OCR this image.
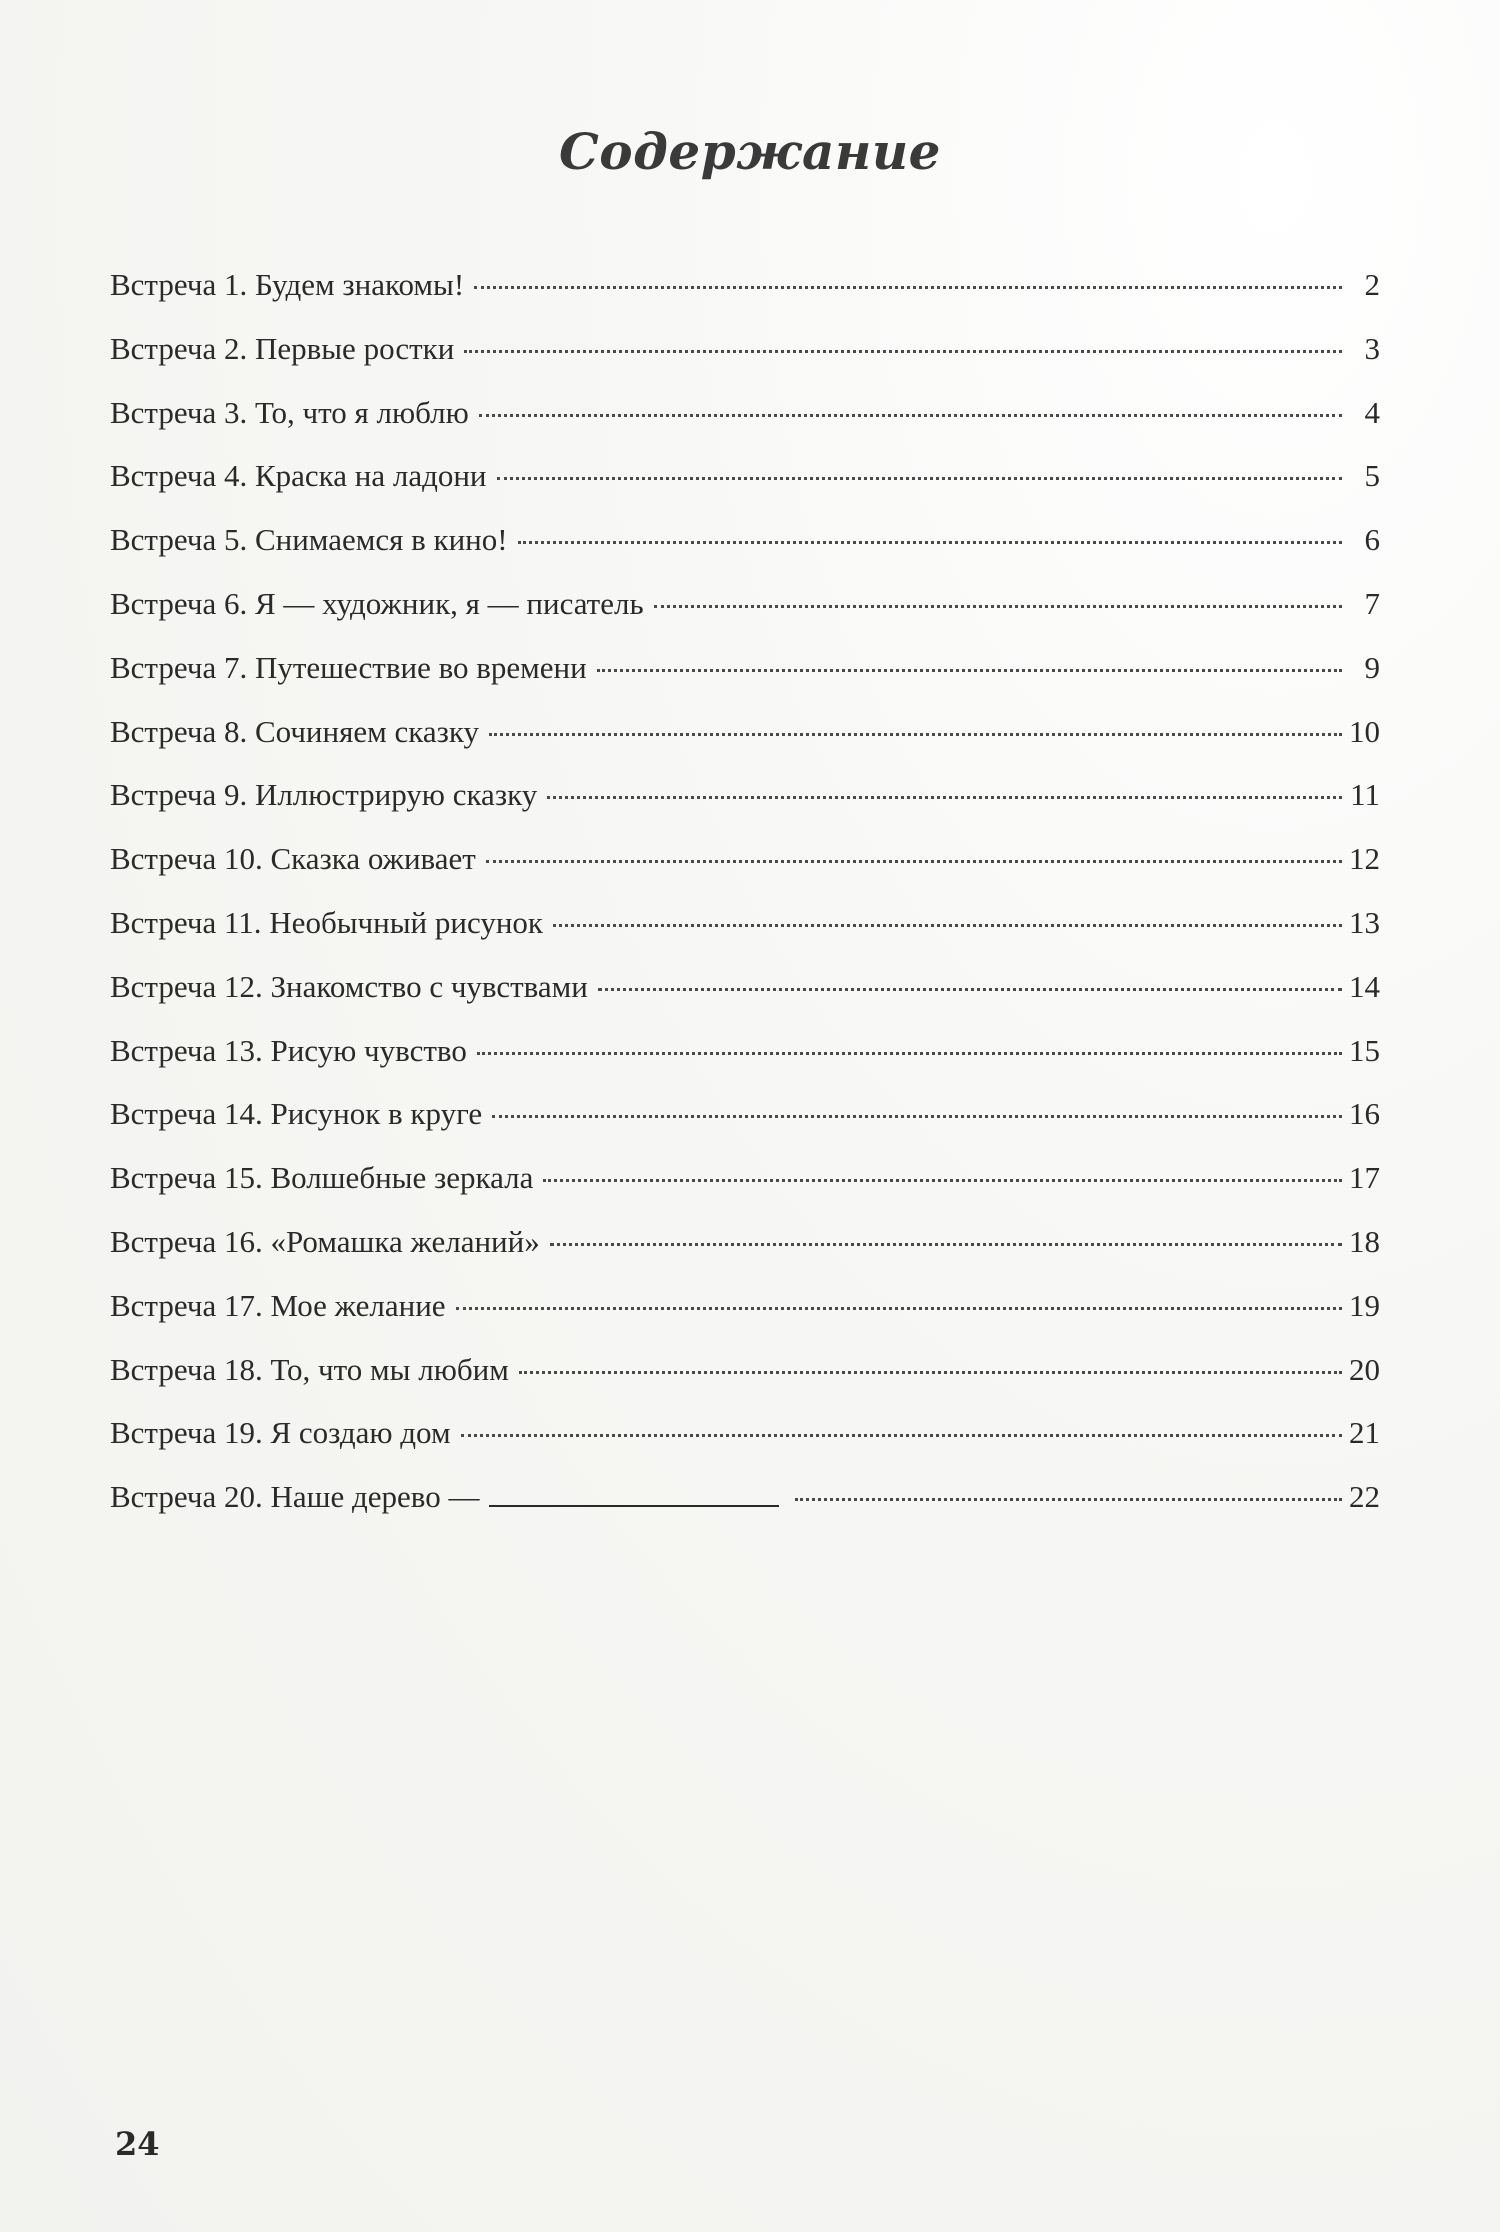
Содержание
Встреча 1. Будем знакомы!	2
Встреча 2. Первые ростки	3
Встреча 3. То, что я люблю	4
Встреча 4. Краска на ладони	5
Встреча 5. Снимаемся в кино!	6
Встреча 6. Я — художник, я — писатель	7
Встреча 7. Путешествие во времени	9
Встреча 8. Сочиняем сказку	10
Встреча 9. Иллюстрирую сказку	11
Встреча 10. Сказка оживает	12
Встреча 11. Необычный рисунок	13
Встреча 12. Знакомство с чувствами	14
Встреча 13. Рисую чувство	15
Встреча 14. Рисунок в круге	16
Встреча 15. Волшебные зеркала	17
Встреча 16. «Ромашка желаний»	18
Встреча 17. Мое желание	19
Встреча 18. То, что мы любим	20
Встреча 19. Я создаю дом	21
Встреча 20. Наше дерево —	22
24
